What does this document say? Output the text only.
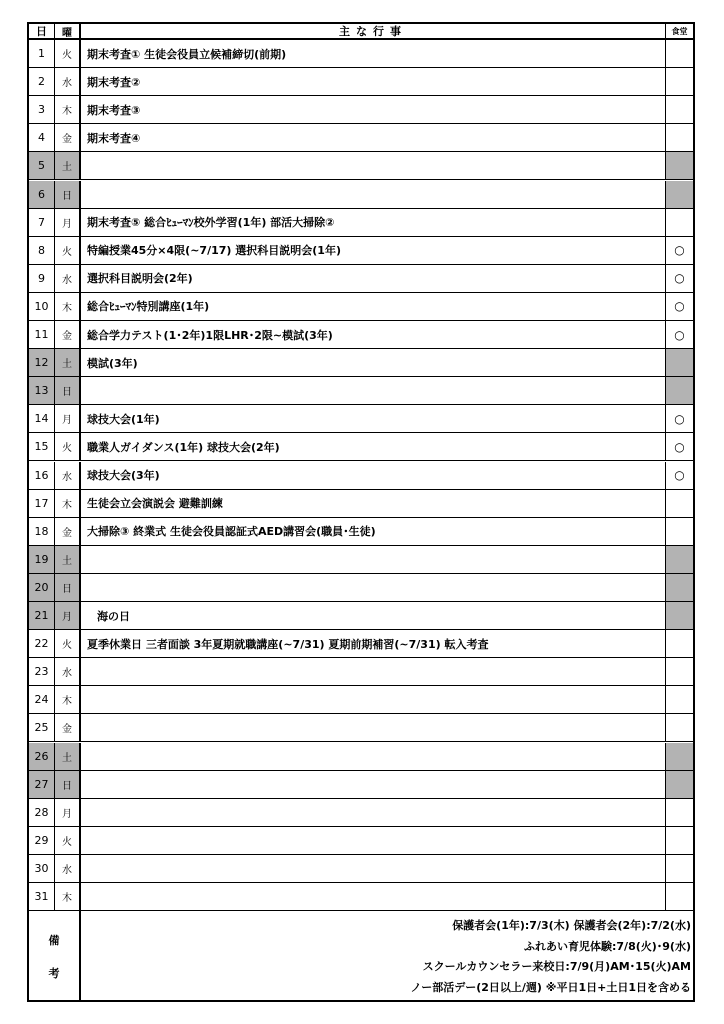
日	曜	主な行事	食堂
1	火	期末考査① 生徒会役員立候補締切(前期)
2	水	期末考査②
3	木	期末考査③
4	金	期末考査④
5	土
6	日
7	月	期末考査⑤ 総合ﾋｭｰﾏﾝ校外学習(1年) 部活大掃除②
8	火	特編授業45分×4限(~7/17) 選択科目説明会(1年)	○
9	水	選択科目説明会(2年)	○
10	木	総合ﾋｭｰﾏﾝ特別講座(1年)	○
11	金	総合学力テスト(1･2年)1限LHR･2限~模試(3年)	○
12	土	模試(3年)
13	日
14	月	球技大会(1年)	○
15	火	職業人ガイダンス(1年) 球技大会(2年)	○
16	水	球技大会(3年)	○
17	木	生徒会立会演説会 避難訓練
18	金	大掃除③ 終業式 生徒会役員認証式AED講習会(職員･生徒)
19	土
20	日
21	月	海の日
22	火	夏季休業日 三者面談 3年夏期就職講座(~7/31) 夏期前期補習(~7/31) 転入考査
23	水
24	木
25	金
26	土
27	日
28	月
29	火
30	水
31	木
備
考
保護者会(1年):7/3(木) 保護者会(2年):7/2(水)
ふれあい育児体験:7/8(火)･9(水)
スクールカウンセラー来校日:7/9(月)AM･15(火)AM
ノー部活デー(2日以上/週) ※平日1日+土日1日を含める
